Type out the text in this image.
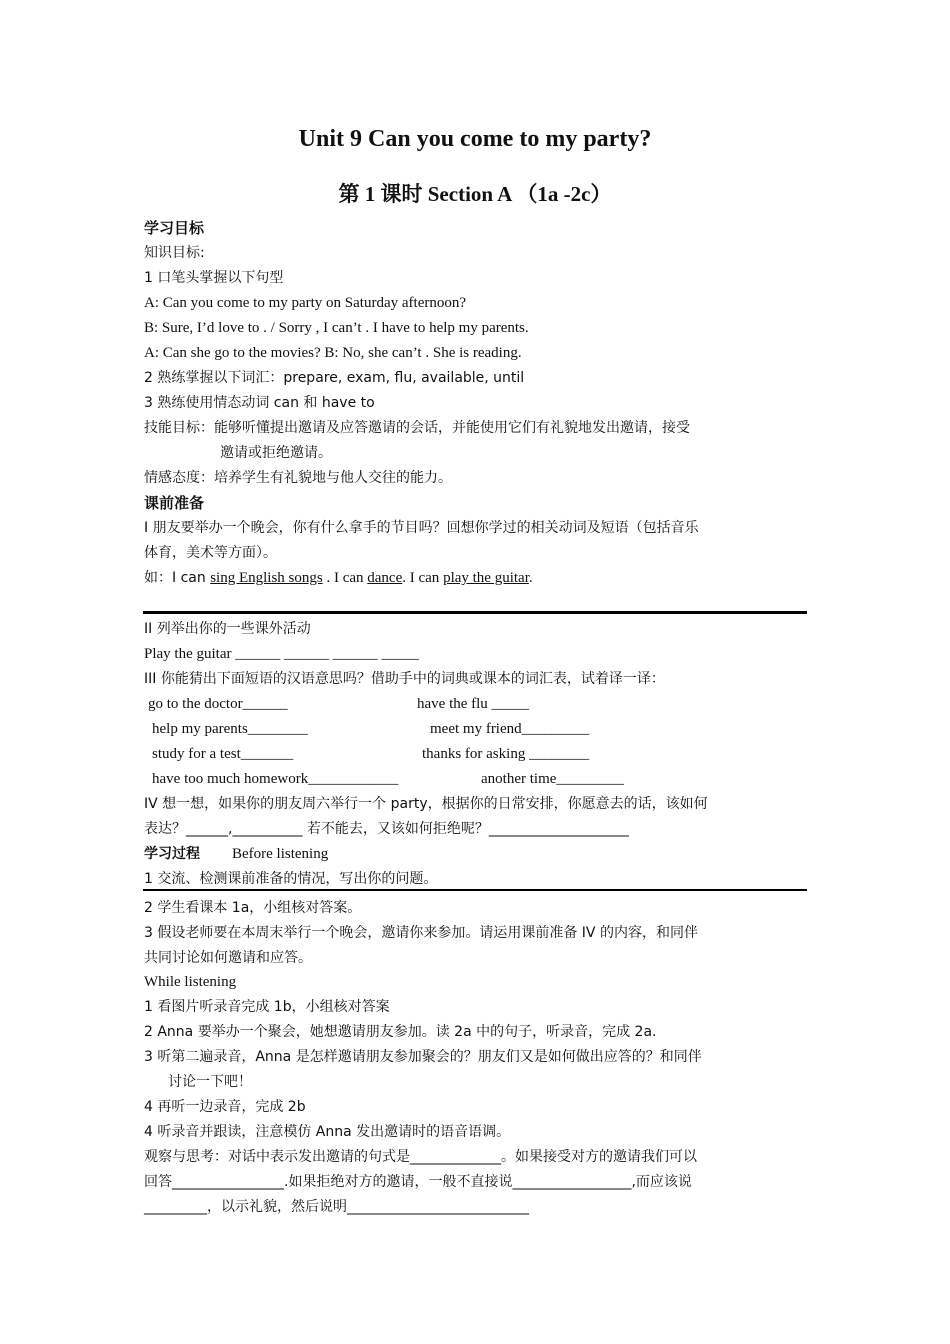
Unit 9 Can you come to my party?
第 1 课时 Section A （1a -2c）
学习目标
知识目标:
1 口笔头掌握以下句型
A: Can you come to my party on Saturday afternoon?
B: Sure, I’d love to . / Sorry , I can’t . I have to help my parents.
A: Can she go to the movies? B: No, she can’t . She is reading.
2 熟练掌握以下词汇：prepare, exam, flu, available, until
3 熟练使用情态动词 can 和 have to
技能目标：能够听懂提出邀请及应答邀请的会话，并能使用它们有礼貌地发出邀请，接受
邀请或拒绝邀请。
情感态度：培养学生有礼貌地与他人交往的能力。
课前准备
I 朋友要举办一个晚会，你有什么拿手的节目吗？回想你学过的相关动词及短语（包括音乐
体育，美术等方面）。
如：I can sing English songs . I can dance. I can play the guitar.
II 列举出你的一些课外活动
Play the guitar ______ ______ ______ _____
III 你能猜出下面短语的汉语意思吗？借助手中的词典或课本的词汇表，试着译一译：
go to the doctor______	have the flu _____
help my parents________	meet my friend_________
study for a test_______	thanks for asking ________
have too much homework____________	another time_________
IV 想一想，如果你的朋友周六举行一个 party，根据你的日常安排，你愿意去的话，该如何
表达？______,__________ 若不能去，又该如何拒绝呢？____________________
学习过程 Before listening
1 交流、检测课前准备的情况，写出你的问题。
2 学生看课本 1a，小组核对答案。
3 假设老师要在本周末举行一个晚会，邀请你来参加。请运用课前准备 IV 的内容，和同伴
共同讨论如何邀请和应答。
While listening
1 看图片听录音完成 1b，小组核对答案
2 Anna 要举办一个聚会，她想邀请朋友参加。读 2a 中的句子，听录音，完成 2a.
3 听第二遍录音，Anna 是怎样邀请朋友参加聚会的？朋友们又是如何做出应答的？和同伴
讨论一下吧！
4 再听一边录音，完成 2b
4 听录音并跟读，注意模仿 Anna 发出邀请时的语音语调。
观察与思考：对话中表示发出邀请的句式是_____________。如果接受对方的邀请我们可以
回答________________.如果拒绝对方的邀请，一般不直接说_________________,而应该说
_________，以示礼貌，然后说明__________________________
